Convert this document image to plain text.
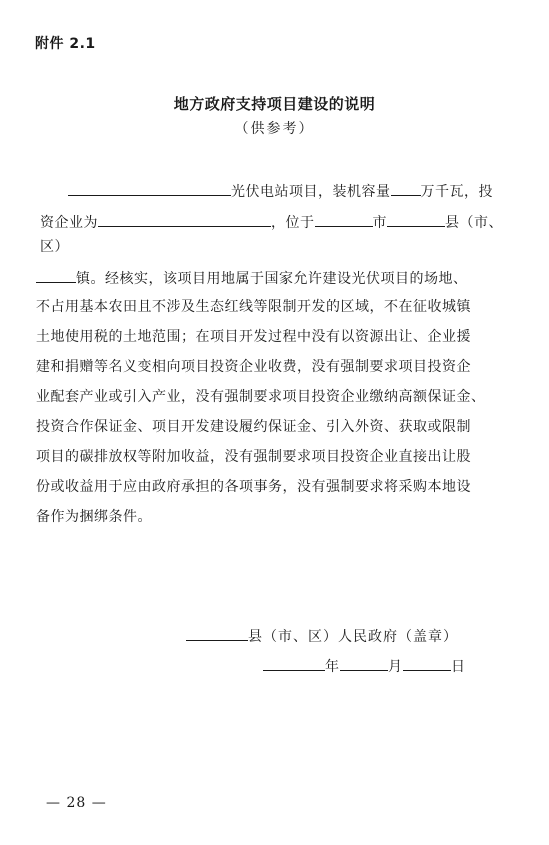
附件 2.1
地方政府支持项目建设的说明
（供参考）
光伏电站项目，装机容量 万千瓦，投
资企业为	，位于	市	县（市、
区）
镇。经核实，该项目用地属于国家允许建设光伏项目的场地、
不占用基本农田且不涉及生态红线等限制开发的区域，不在征收城镇
土地使用税的土地范围；在项目开发过程中没有以资源出让、企业援
建和捐赠等名义变相向项目投资企业收费，没有强制要求项目投资企
业配套产业或引入产业，没有强制要求项目投资企业缴纳高额保证金、
投资合作保证金、项目开发建设履约保证金、引入外资、获取或限制
项目的碳排放权等附加收益，没有强制要求项目投资企业直接出让股
份或收益用于应由政府承担的各项事务，没有强制要求将采购本地设
备作为捆绑条件。
县（市、区）人民政府（盖章）
年	月	日
— 28 —
